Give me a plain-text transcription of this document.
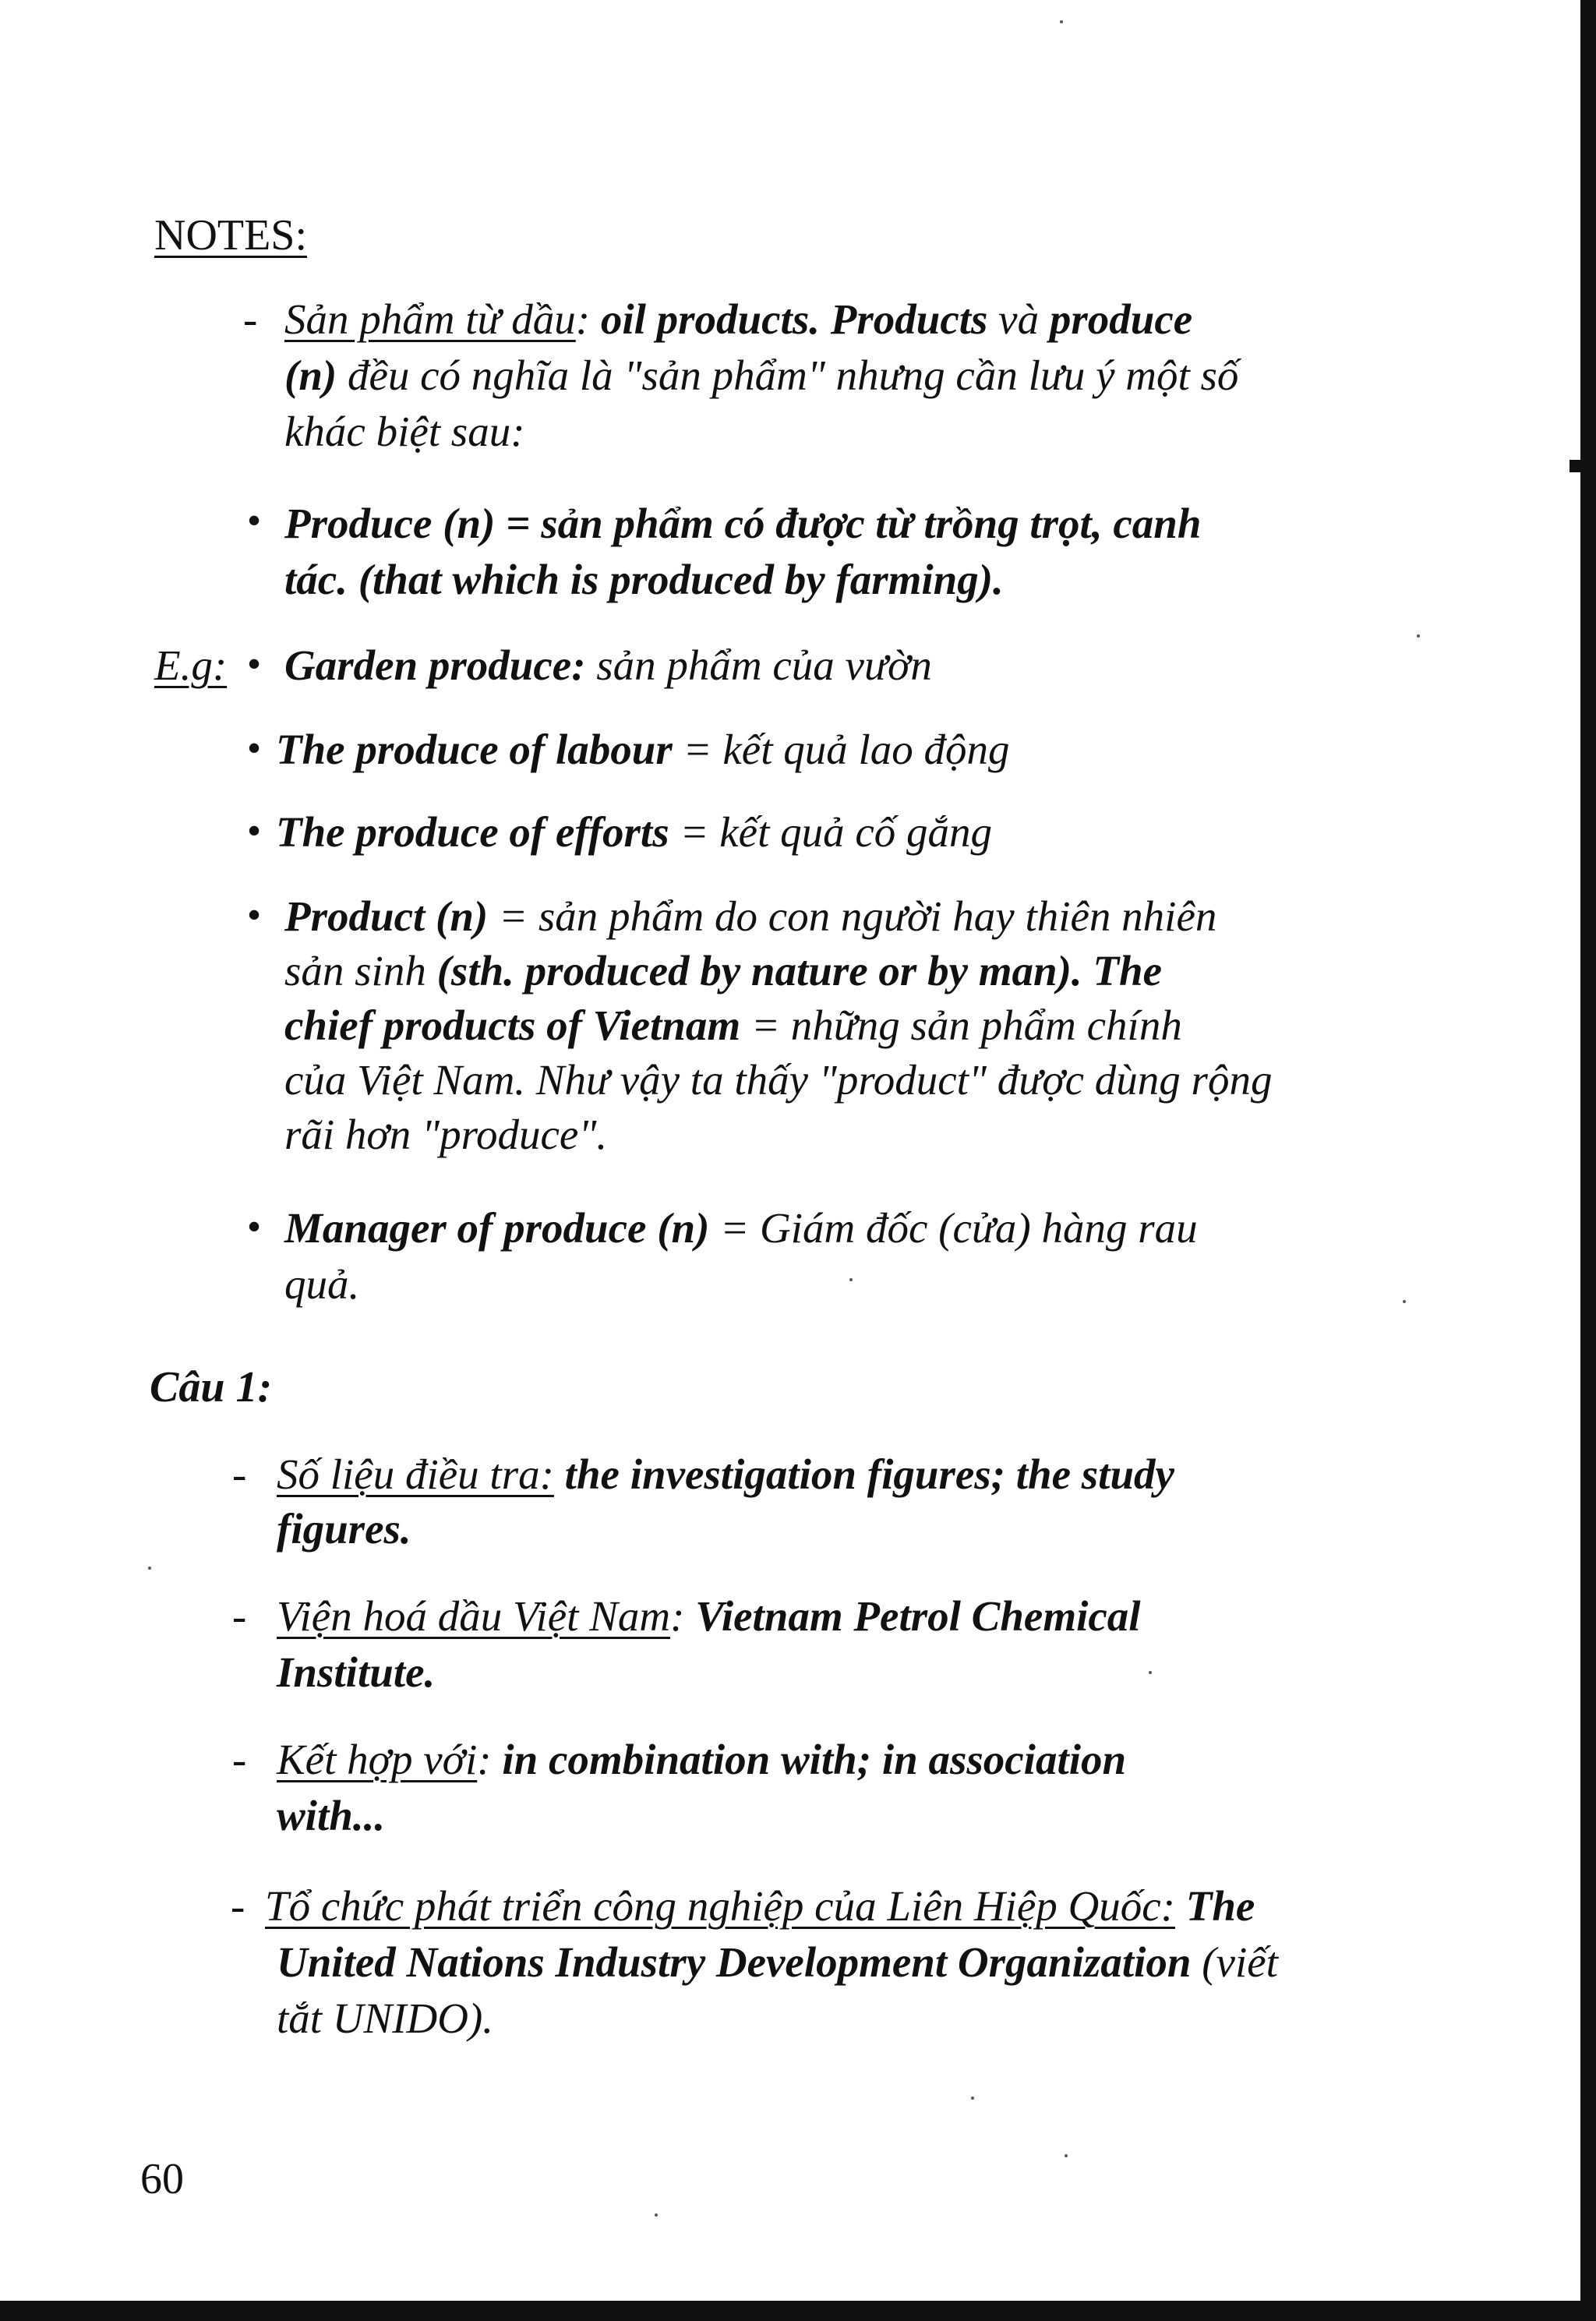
NOTES:
- Sản phẩm từ dầu: oil products. Products và produce
(n) đều có nghĩa là "sản phẩm" nhưng cần lưu ý một số
khác biệt sau:
• Produce (n) = sản phẩm có được từ trồng trọt, canh
tác. (that which is produced by farming).
E.g: • Garden produce: sản phẩm của vườn
• The produce of labour = kết quả lao động
• The produce of efforts = kết quả cố gắng
• Product (n) = sản phẩm do con người hay thiên nhiên
sản sinh (sth. produced by nature or by man). The
chief products of Vietnam = những sản phẩm chính
của Việt Nam. Như vậy ta thấy "product" được dùng rộng
rãi hơn "produce".
• Manager of produce (n) = Giám đốc (cửa) hàng rau
quả.
Câu 1:
- Số liệu điều tra: the investigation figures; the study
figures.
- Viện hoá dầu Việt Nam: Vietnam Petrol Chemical
Institute.
- Kết hợp với: in combination with; in association
with...
- Tổ chức phát triển công nghiệp của Liên Hiệp Quốc: The
United Nations Industry Development Organization (viết
tắt UNIDO).
60
